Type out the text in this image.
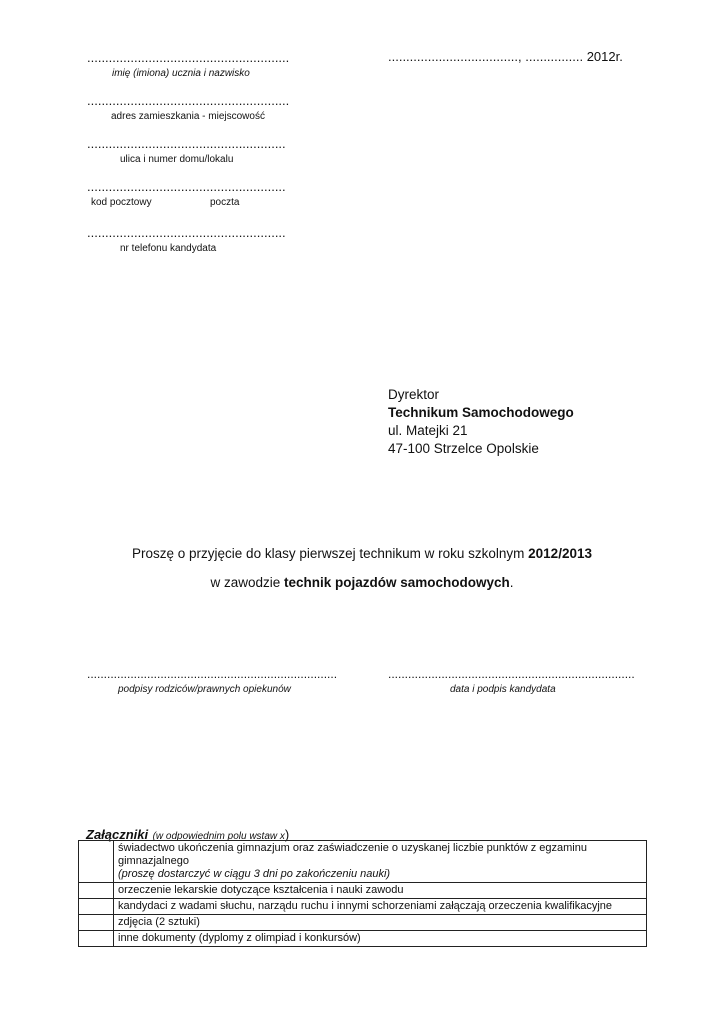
........................................................
imię (imiona) ucznia i nazwisko
........................................................
adres zamieszkania - miejscowość
.......................................................
ulica i numer domu/lokalu
.......................................................
kod pocztowy	poczta
.......................................................
nr telefonu kandydata
...................................., ................ 2012r.
Dyrektor
Technikum Samochodowego
ul. Matejki 21
47-100 Strzelce Opolskie
Proszę o przyjęcie do klasy pierwszej technikum w roku szkolnym 2012/2013
w zawodzie technik pojazdów samochodowych.
...........................................................................
podpisy rodziców/prawnych opiekunów
..........................................................................
data i podpis kandydata
Załączniki (w odpowiednim polu wstaw x)

	świadectwo ukończenia gimnazjum oraz zaświadczenie o uzyskanej liczbie punktów z egzaminu gimnazjalnego
(proszę dostarczyć w ciągu 3 dni po zakończeniu nauki)

	orzeczenie lekarskie dotyczące kształcenia i nauki zawodu
	kandydaci z wadami słuchu, narządu ruchu i innymi schorzeniami załączają orzeczenia kwalifikacyjne
	zdjęcia (2 sztuki)
	inne dokumenty (dyplomy z olimpiad i konkursów)
